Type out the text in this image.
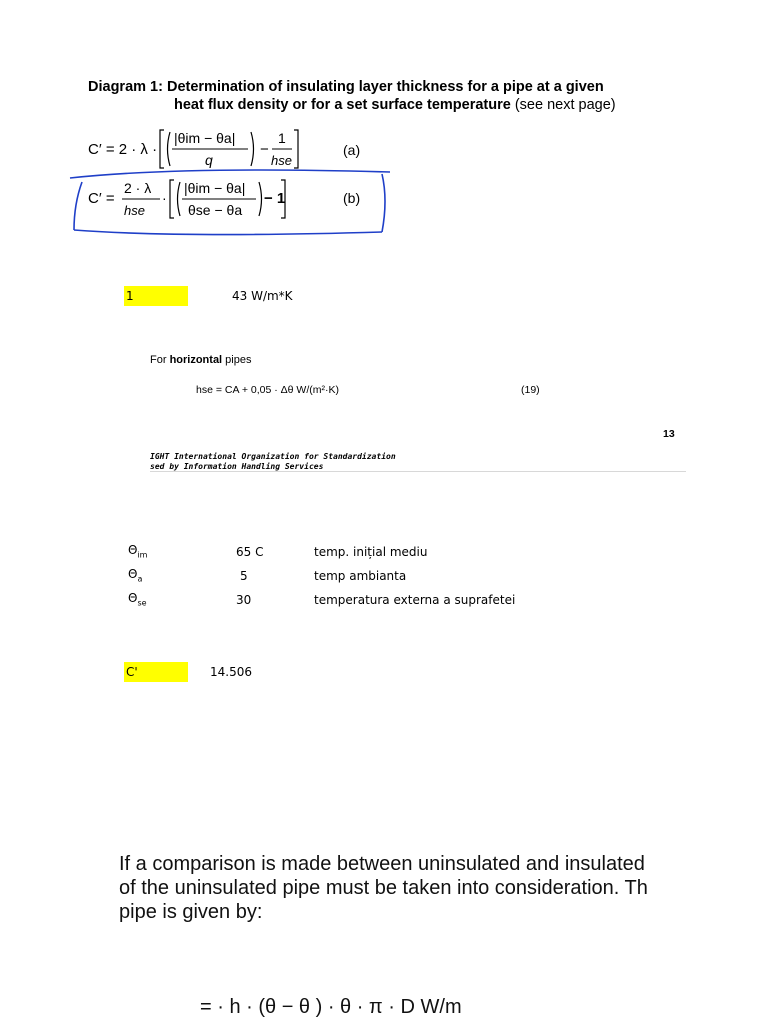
Diagram 1: Determination of insulating layer thickness for a pipe at a given
heat flux density or for a set surface temperature (see next page)
C′ = 2 · λ ·
|θim − θa|
q
−
1
hse
(a)
C′ =
2 · λ
hse
·
|θim − θa|
θse − θa
− 1	(b)
1	43 W/m*K
For horizontal pipes
hse = CA + 0,05 · Δθ W/(m²·K)	(19)
13
IGHT International Organization for Standardization
sed by Information Handling Services
$\Theta_{im}$	65 C	temp. inițial mediu
$\Theta_a$	5	temp ambianta
$\Theta_{se}$	30	temperatura externa a suprafetei
C'	14.506
If a comparison is made between uninsulated and insulated
of the uninsulated pipe must be taken into consideration. Th
pipe is given by:
= · h · (θ − θ ) · θ · π · D W/m
